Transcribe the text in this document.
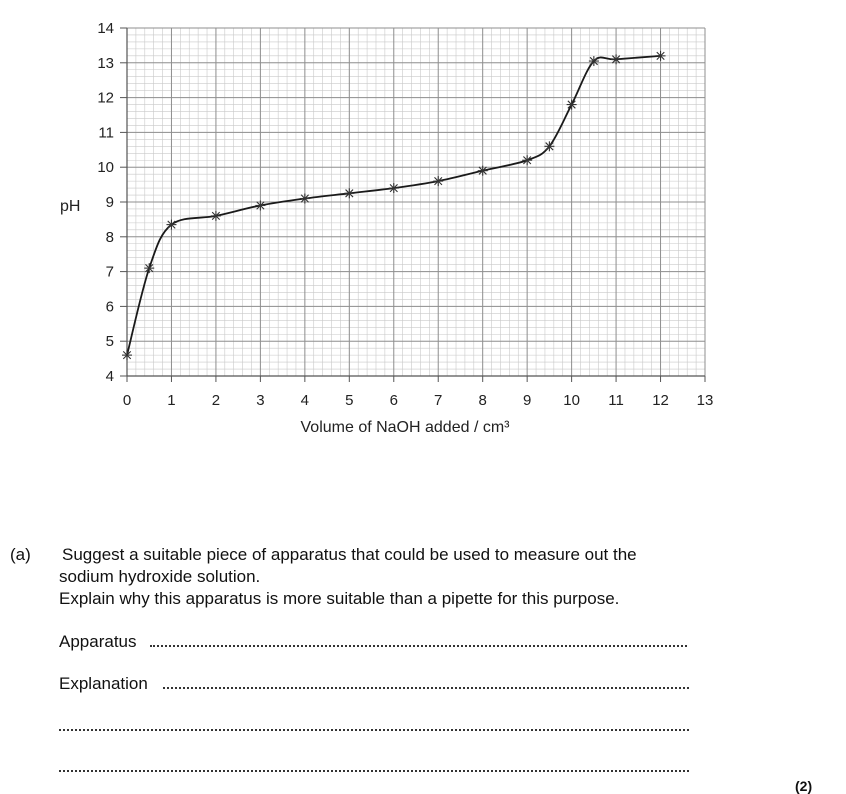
4
5
6
7
8
9
10
11
12
13
14
0 1 2 3 4 5 6 7 8 9 10 11 12 13
pH
Volume of NaOH added / cm³
(a) Suggest a suitable piece of apparatus that could be used to measure out the
sodium hydroxide solution.
Explain why this apparatus is more suitable than a pipette for this purpose.
Apparatus
Explanation
(2)
